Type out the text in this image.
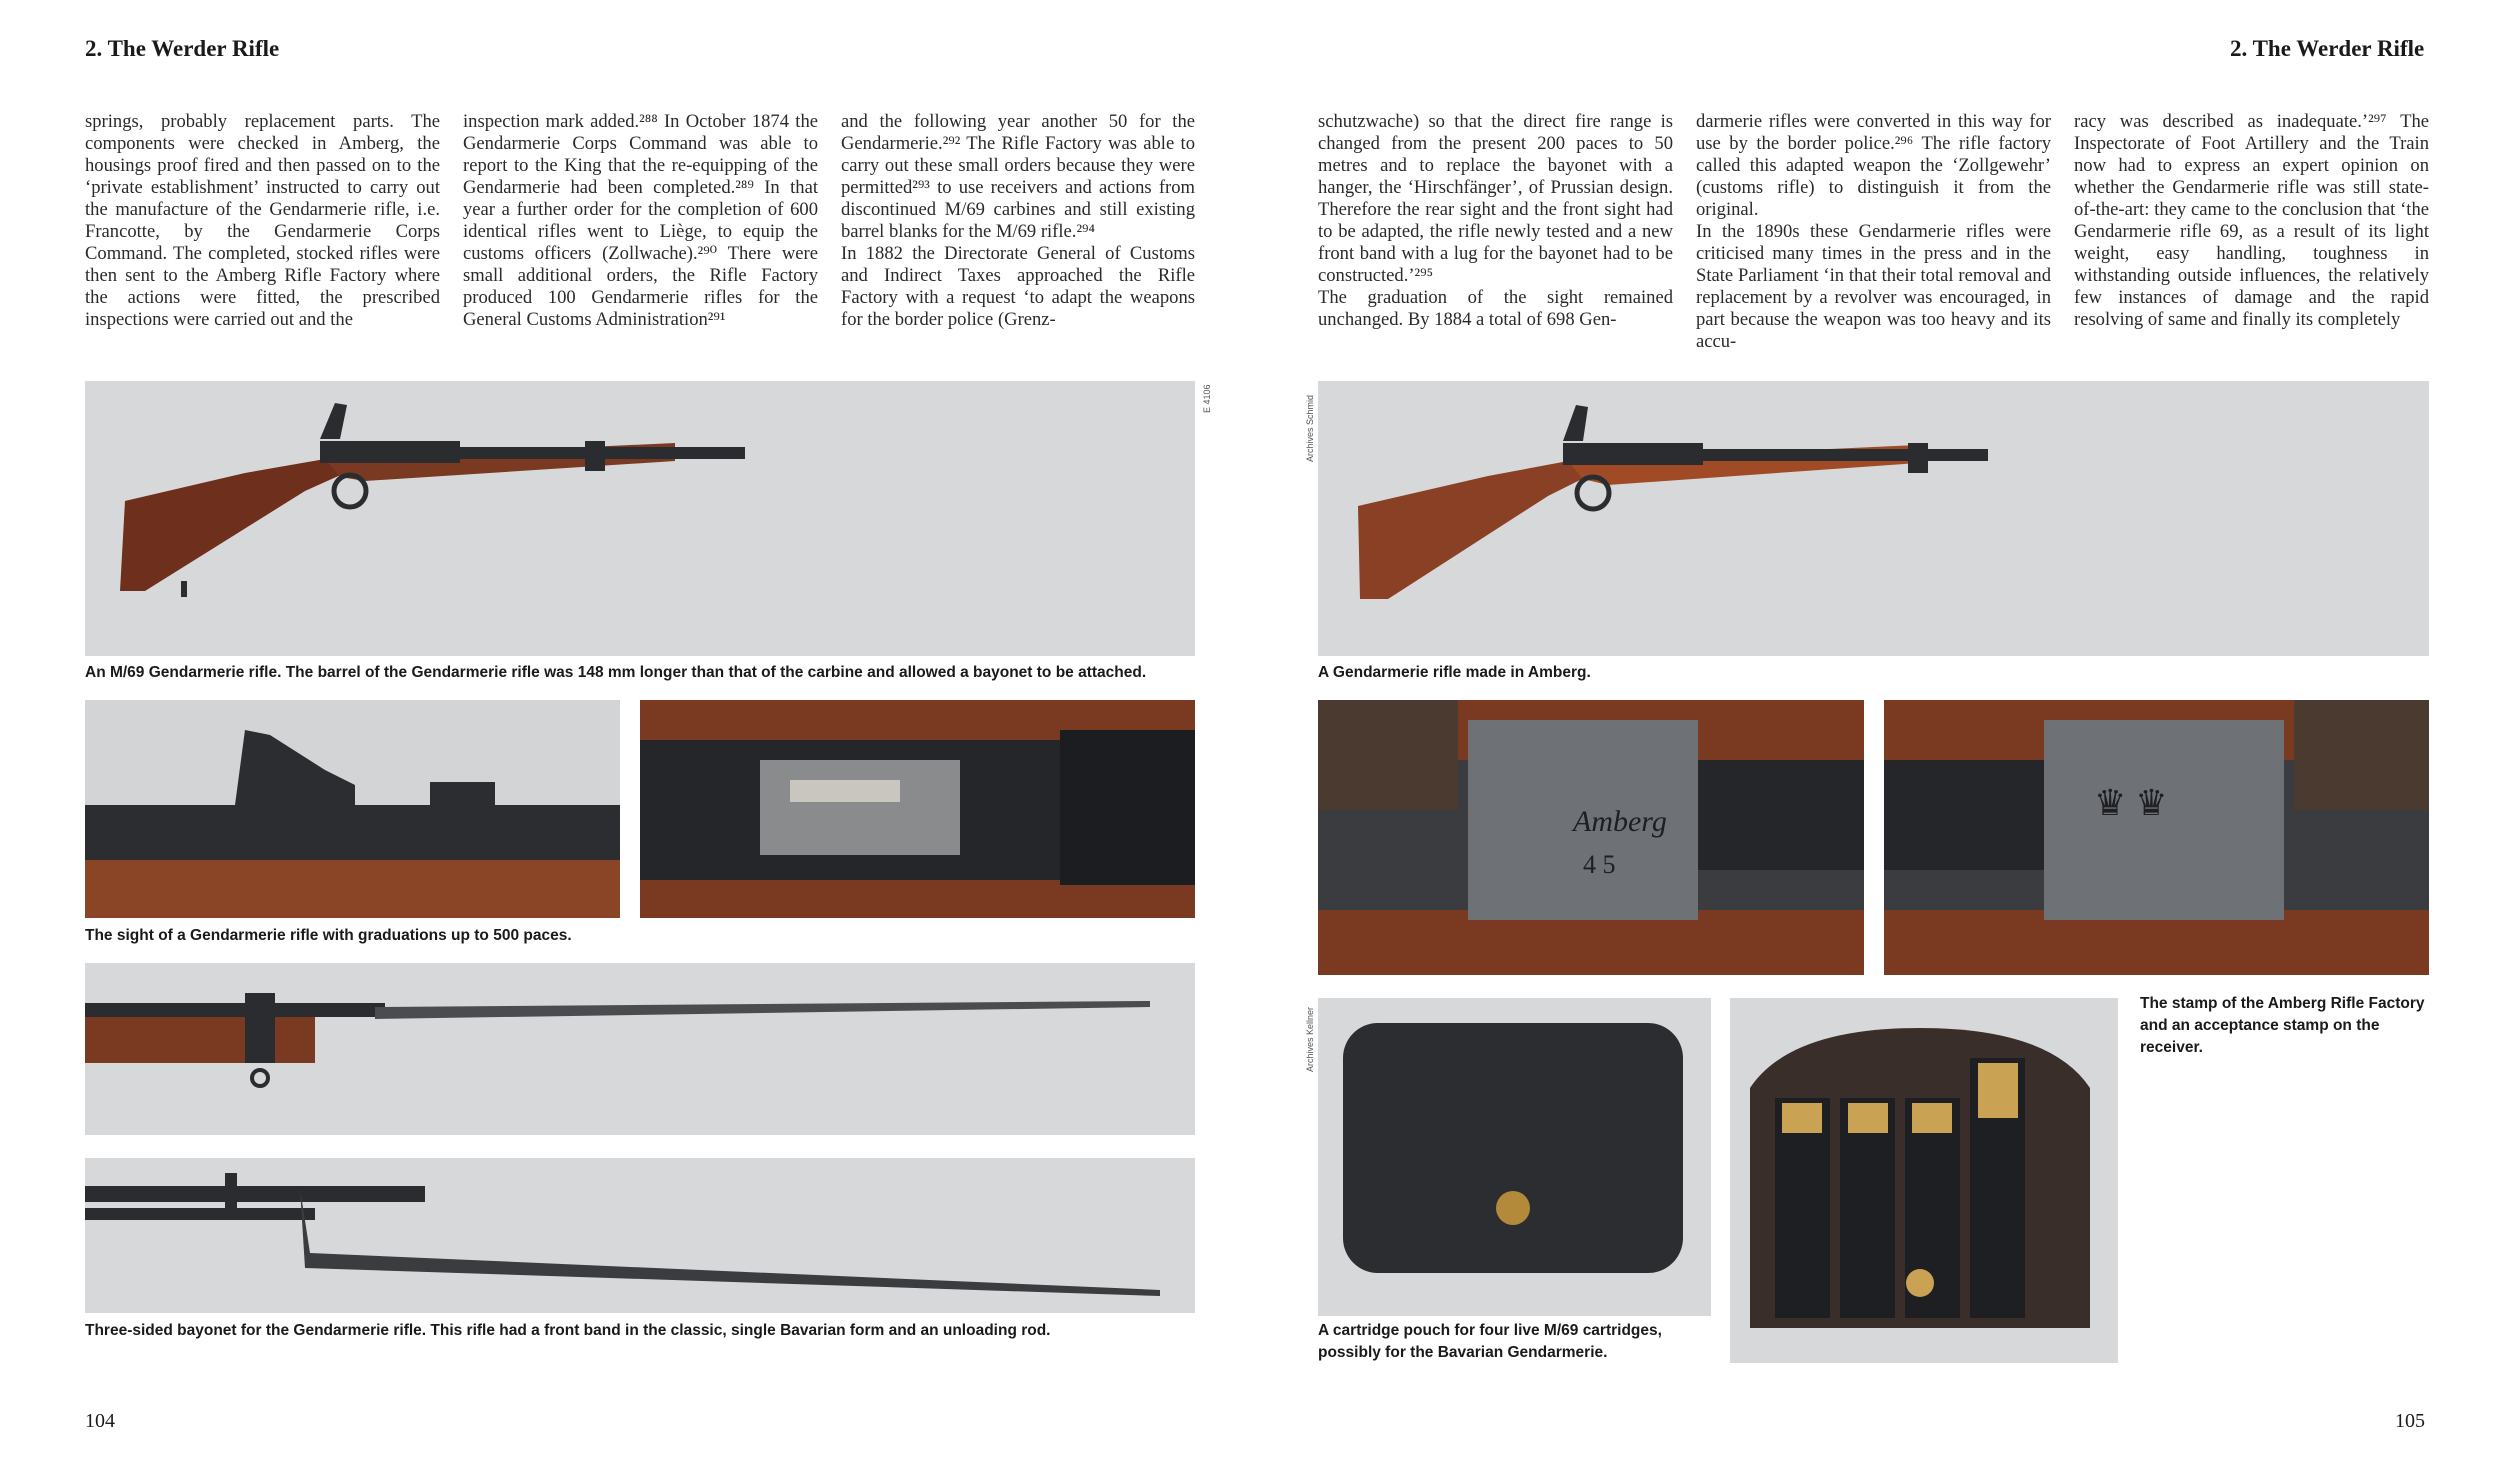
2. The Werder Rifle

springs, probably replacement parts. The components were checked in Amberg, the housings proof fired and then passed on to the ‘private establishment’ instructed to carry out the manufacture of the Gendarmerie rifle, i.e. Francotte, by the Gendarmerie Corps Command. The completed, stocked rifles were then sent to the Amberg Rifle Factory where the actions were fitted, the prescribed inspections were carried out and the

inspection mark added.²⁸⁸ In October 1874 the Gendarmerie Corps Command was able to report to the King that the re-equipping of the Gendarmerie had been completed.²⁸⁹ In that year a further order for the completion of 600 identical rifles went to Liège, to equip the customs officers (Zollwache).²⁹⁰ There were small additional orders, the Rifle Factory produced 100 Gendarmerie rifles for the General Customs Administration²⁹¹

and the following year another 50 for the Gendarmerie.²⁹² The Rifle Factory was able to carry out these small orders because they were permitted²⁹³ to use receivers and actions from discontinued M/69 carbines and still existing barrel blanks for the M/69 rifle.²⁹⁴

In 1882 the Directorate General of Customs and Indirect Taxes approached the Rifle Factory with a request ‘to adapt the weapons for the border police (Grenz-

E 4106
An M/69 Gendarmerie rifle. The barrel of the Gendarmerie rifle was 148 mm longer than that of the carbine and allowed a bayonet to be attached.
The sight of a Gendarmerie rifle with graduations up to 500 paces.
Three-sided bayonet for the Gendarmerie rifle. This rifle had a front band in the classic, single Bavarian form and an unloading rod.
104
2. The Werder Rifle

schutzwache) so that the direct fire range is changed from the present 200 paces to 50 metres and to replace the bayonet with a hanger, the ‘Hirschfänger’, of Prussian design. Therefore the rear sight and the front sight had to be adapted, the rifle newly tested and a new front band with a lug for the bayonet had to be constructed.’²⁹⁵

The graduation of the sight remained unchanged. By 1884 a total of 698 Gen-

darmerie rifles were converted in this way for use by the border police.²⁹⁶ The rifle factory called this adapted weapon the ‘Zollgewehr’ (customs rifle) to distinguish it from the original.

In the 1890s these Gendarmerie rifles were criticised many times in the press and in the State Parliament ‘in that their total removal and replacement by a revolver was encouraged, in part because the weapon was too heavy and its accu-

racy was described as inadequate.’²⁹⁷ The Inspectorate of Foot Artillery and the Train now had to express an expert opinion on whether the Gendarmerie rifle was still state-of-the-art: they came to the conclusion that ‘the Gendarmerie rifle 69, as a result of its light weight, easy handling, toughness in withstanding outside influences, the relatively few instances of damage and the rapid resolving of same and finally its completely

Archives Schmid
A Gendarmerie rifle made in Amberg.
Amberg
4 5
♛ ♛
Archives Kellner
The stamp of the Amberg Rifle Factory and an acceptance stamp on the receiver.
A cartridge pouch for four live M/69 cartridges, possibly for the Bavarian Gendarmerie.
105
